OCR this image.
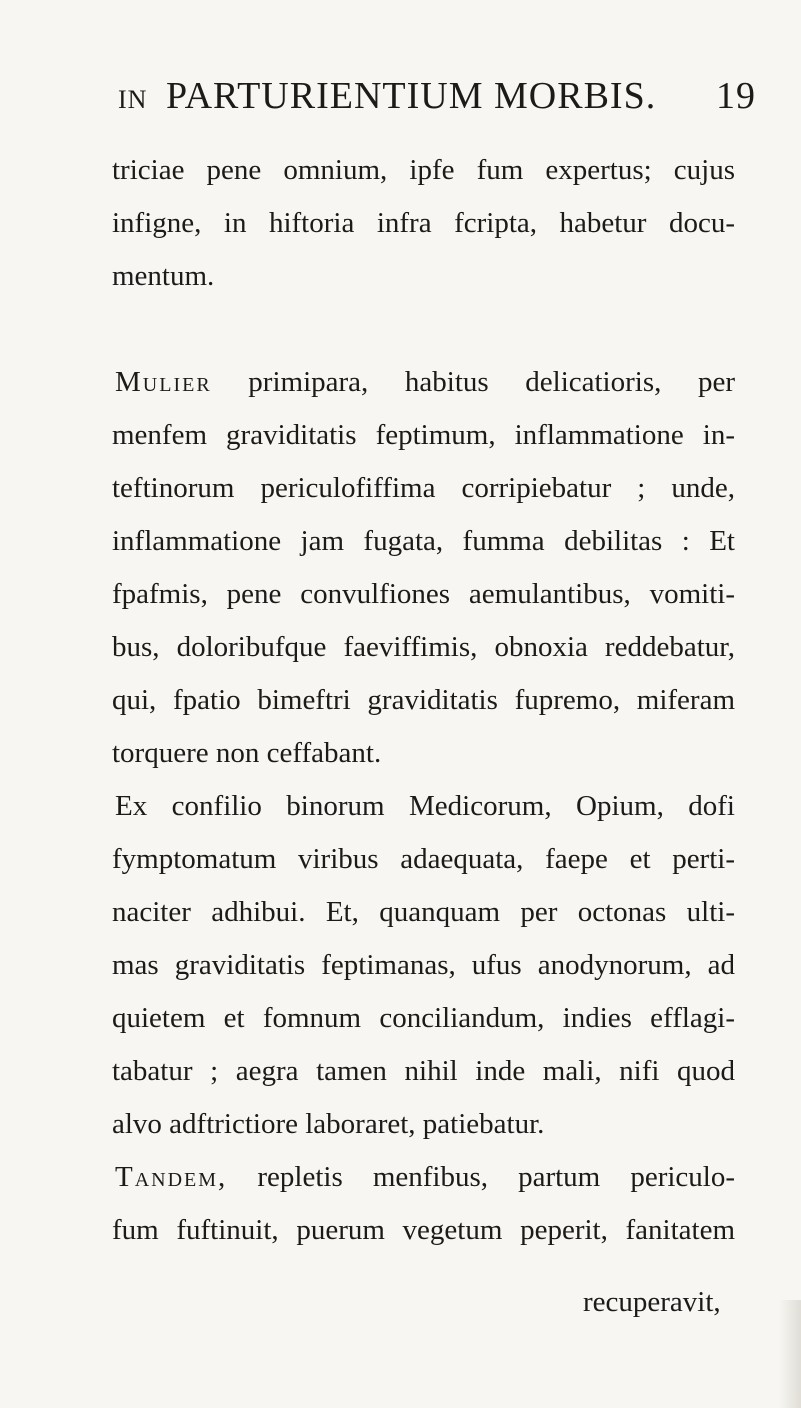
IN PARTURIENTIUM MORBIS. 19
triciae pene omnium, ipfe fum expertus; cujus
infigne, in hiftoria infra fcripta, habetur docu-
mentum.
Mulier primipara, habitus delicatioris, per
menfem graviditatis feptimum, inflammatione in-
teftinorum periculofiffima corripiebatur ; unde,
inflammatione jam fugata, fumma debilitas : Et
fpafmis, pene convulfiones aemulantibus, vomiti-
bus, doloribufque faeviffimis, obnoxia reddebatur,
qui, fpatio bimeftri graviditatis fupremo, miferam
torquere non ceffabant.
Ex confilio binorum Medicorum, Opium, dofi
fymptomatum viribus adaequata, faepe et perti-
naciter adhibui. Et, quanquam per octonas ulti-
mas graviditatis feptimanas, ufus anodynorum, ad
quietem et fomnum conciliandum, indies efflagi-
tabatur ; aegra tamen nihil inde mali, nifi quod
alvo adftrictiore laboraret, patiebatur.
Tandem, repletis menfibus, partum periculo-
fum fuftinuit, puerum vegetum peperit, fanitatem
recuperavit,
